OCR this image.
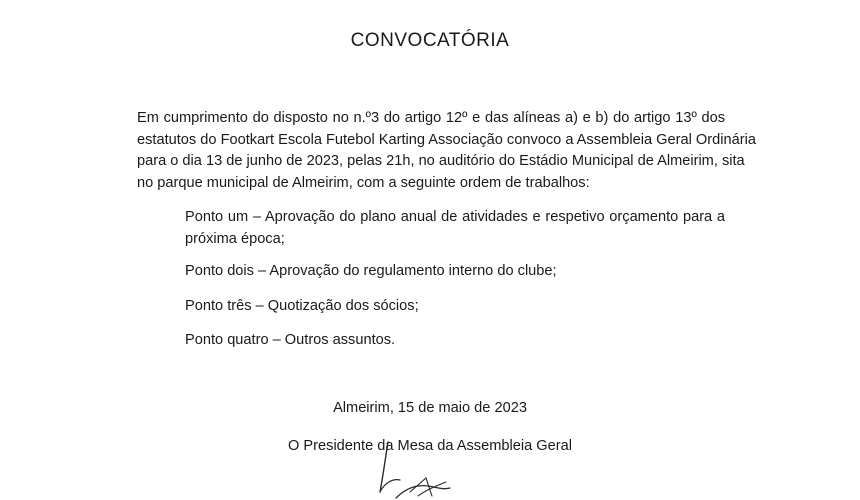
CONVOCATÓRIA
Em cumprimento do disposto no n.º3 do artigo 12º e das alíneas a) e b) do artigo 13º dos
estatutos do Footkart Escola Futebol Karting Associação convoco a Assembleia Geral Ordinária
para o dia 13 de junho de 2023, pelas 21h, no auditório do Estádio Municipal de Almeirim, sita
no parque municipal de Almeirim, com a seguinte ordem de trabalhos:
Ponto um – Aprovação do plano anual de atividades e respetivo orçamento para a
próxima época;
Ponto dois – Aprovação do regulamento interno do clube;
Ponto três – Quotização dos sócios;
Ponto quatro – Outros assuntos.
Almeirim, 15 de maio de 2023
O Presidente da Mesa da Assembleia Geral
